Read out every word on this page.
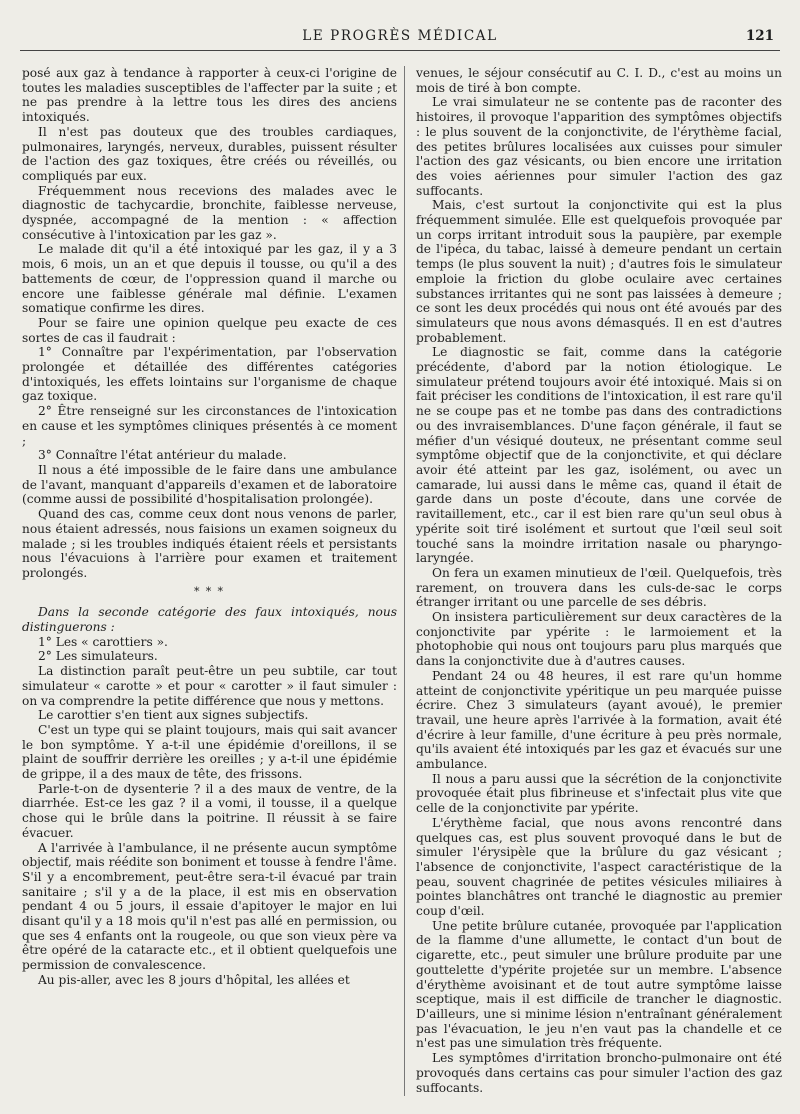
LE PROGRÈS MÉDICAL	121

posé aux gaz à tendance à rapporter à ceux-ci l'origine de toutes les maladies susceptibles de l'affecter par la suite ; et ne pas prendre à la lettre tous les dires des anciens intoxiqués.

Il n'est pas douteux que des troubles cardiaques, pulmonaires, laryngés, nerveux, durables, puissent résulter de l'action des gaz toxiques, être créés ou réveillés, ou compliqués par eux.

Fréquemment nous recevions des malades avec le diagnostic de tachycardie, bronchite, faiblesse nerveuse, dyspnée, accompagné de la mention : « affection consécutive à l'intoxication par les gaz ».

Le malade dit qu'il a été intoxiqué par les gaz, il y a 3 mois, 6 mois, un an et que depuis il tousse, ou qu'il a des battements de cœur, de l'oppression quand il marche ou encore une faiblesse générale mal définie. L'examen somatique confirme les dires.

Pour se faire une opinion quelque peu exacte de ces sortes de cas il faudrait :

1° Connaître par l'expérimentation, par l'observation prolongée et détaillée des différentes catégories d'intoxiqués, les effets lointains sur l'organisme de chaque gaz toxique.

2° Être renseigné sur les circonstances de l'intoxication en cause et les symptômes cliniques présentés à ce moment ;

3° Connaître l'état antérieur du malade.

Il nous a été impossible de le faire dans une ambulance de l'avant, manquant d'appareils d'examen et de laboratoire (comme aussi de possibilité d'hospitalisation prolongée).

Quand des cas, comme ceux dont nous venons de parler, nous étaient adressés, nous faisions un examen soigneux du malade ; si les troubles indiqués étaient réels et persistants nous l'évacuions à l'arrière pour examen et traitement prolongés.

* * *

Dans la seconde catégorie des faux intoxiqués, nous distinguerons :

1° Les « carottiers ».

2° Les simulateurs.

La distinction paraît peut-être un peu subtile, car tout simulateur « carotte » et pour « carotter » il faut simuler : on va comprendre la petite différence que nous y mettons.

Le carottier s'en tient aux signes subjectifs.

C'est un type qui se plaint toujours, mais qui sait avancer le bon symptôme. Y a-t-il une épidémie d'oreillons, il se plaint de souffrir derrière les oreilles ; y a-t-il une épidémie de grippe, il a des maux de tête, des frissons.

Parle-t-on de dysenterie ? il a des maux de ventre, de la diarrhée. Est-ce les gaz ? il a vomi, il tousse, il a quelque chose qui le brûle dans la poitrine. Il réussit à se faire évacuer.

A l'arrivée à l'ambulance, il ne présente aucun symptôme objectif, mais réédite son boniment et tousse à fendre l'âme. S'il y a encombrement, peut-être sera-t-il évacué par train sanitaire ; s'il y a de la place, il est mis en observation pendant 4 ou 5 jours, il essaie d'apitoyer le major en lui disant qu'il y a 18 mois qu'il n'est pas allé en permission, ou que ses 4 enfants ont la rougeole, ou que son vieux père va être opéré de la cataracte etc., et il obtient quelquefois une permission de convalescence.

Au pis-aller, avec les 8 jours d'hôpital, les allées et

venues, le séjour consécutif au C. I. D., c'est au moins un mois de tiré à bon compte.

Le vrai simulateur ne se contente pas de raconter des histoires, il provoque l'apparition des symptômes objectifs : le plus souvent de la conjonctivite, de l'érythème facial, des petites brûlures localisées aux cuisses pour simuler l'action des gaz vésicants, ou bien encore une irritation des voies aériennes pour simuler l'action des gaz suffocants.

Mais, c'est surtout la conjonctivite qui est la plus fréquemment simulée. Elle est quelquefois provoquée par un corps irritant introduit sous la paupière, par exemple de l'ipéca, du tabac, laissé à demeure pendant un certain temps (le plus souvent la nuit) ; d'autres fois le simulateur emploie la friction du globe oculaire avec certaines substances irritantes qui ne sont pas laissées à demeure ; ce sont les deux procédés qui nous ont été avoués par des simulateurs que nous avons démasqués. Il en est d'autres probablement.

Le diagnostic se fait, comme dans la catégorie précédente, d'abord par la notion étiologique. Le simulateur prétend toujours avoir été intoxiqué. Mais si on fait préciser les conditions de l'intoxication, il est rare qu'il ne se coupe pas et ne tombe pas dans des contradictions ou des invraisemblances. D'une façon générale, il faut se méfier d'un vésiqué douteux, ne présentant comme seul symptôme objectif que de la conjonctivite, et qui déclare avoir été atteint par les gaz, isolément, ou avec un camarade, lui aussi dans le même cas, quand il était de garde dans un poste d'écoute, dans une corvée de ravitaillement, etc., car il est bien rare qu'un seul obus à ypérite soit tiré isolément et surtout que l'œil seul soit touché sans la moindre irritation nasale ou pharyngo-laryngée.

On fera un examen minutieux de l'œil. Quelquefois, très rarement, on trouvera dans les culs-de-sac le corps étranger irritant ou une parcelle de ses débris.

On insistera particulièrement sur deux caractères de la conjonctivite par ypérite : le larmoiement et la photophobie qui nous ont toujours paru plus marqués que dans la conjonctivite due à d'autres causes.

Pendant 24 ou 48 heures, il est rare qu'un homme atteint de conjonctivite ypéritique un peu marquée puisse écrire. Chez 3 simulateurs (ayant avoué), le premier travail, une heure après l'arrivée à la formation, avait été d'écrire à leur famille, d'une écriture à peu près normale, qu'ils avaient été intoxiqués par les gaz et évacués sur une ambulance.

Il nous a paru aussi que la sécrétion de la conjonctivite provoquée était plus fibrineuse et s'infectait plus vite que celle de la conjonctivite par ypérite.

L'érythème facial, que nous avons rencontré dans quelques cas, est plus souvent provoqué dans le but de simuler l'érysipèle que la brûlure du gaz vésicant ; l'absence de conjonctivite, l'aspect caractéristique de la peau, souvent chagrinée de petites vésicules miliaires à pointes blanchâtres ont tranché le diagnostic au premier coup d'œil.

Une petite brûlure cutanée, provoquée par l'application de la flamme d'une allumette, le contact d'un bout de cigarette, etc., peut simuler une brûlure produite par une gouttelette d'ypérite projetée sur un membre. L'absence d'érythème avoisinant et de tout autre symptôme laisse sceptique, mais il est difficile de trancher le diagnostic. D'ailleurs, une si minime lésion n'entraînant généralement pas l'évacuation, le jeu n'en vaut pas la chandelle et ce n'est pas une simulation très fréquente.

Les symptômes d'irritation broncho-pulmonaire ont été provoqués dans certains cas pour simuler l'action des gaz suffocants.
